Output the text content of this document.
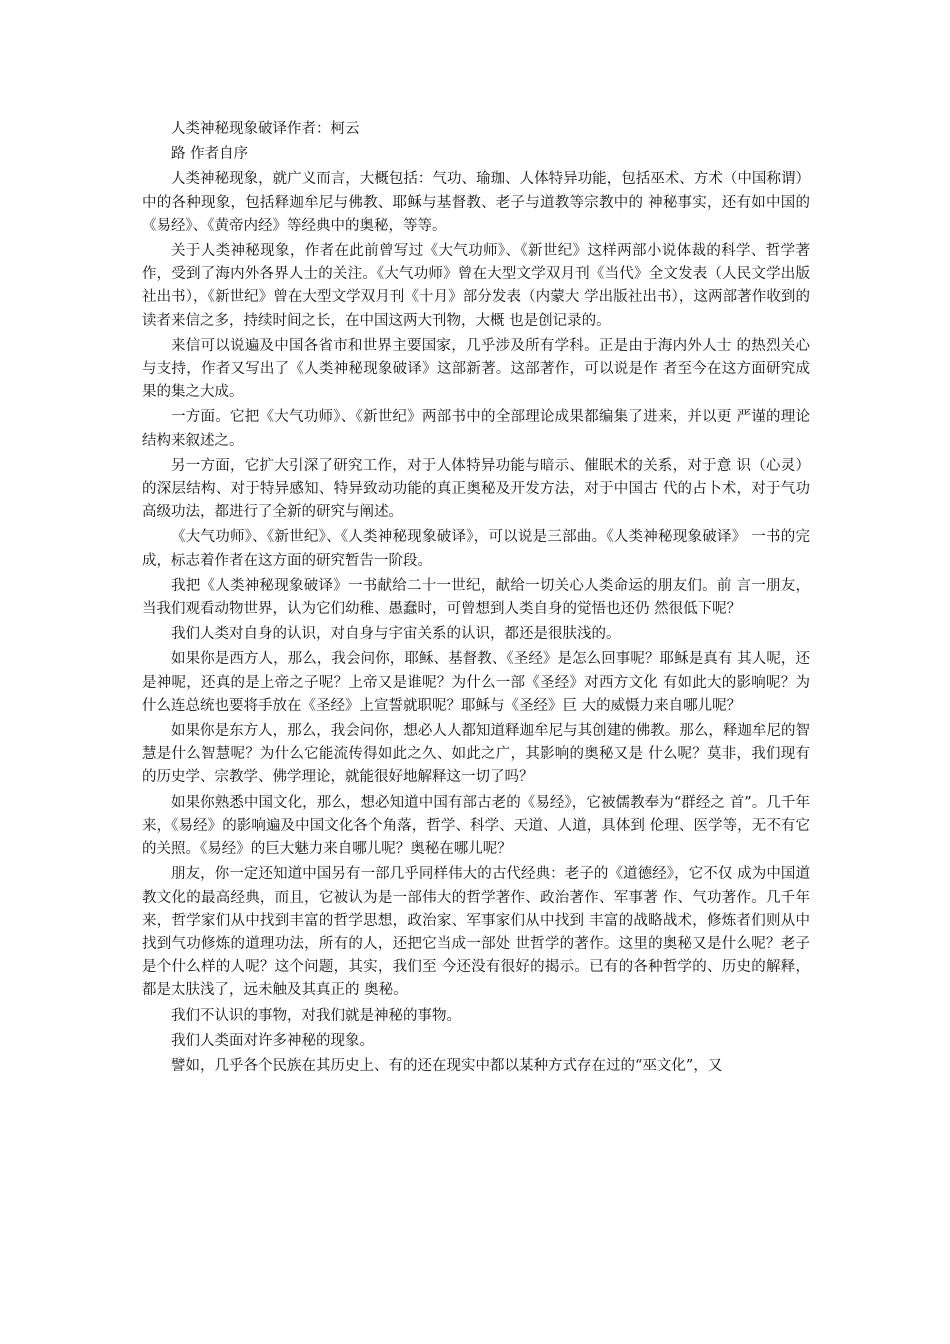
人类神秘现象破译作者：柯云

路 作者自序

人类神秘现象，就广义而言，大概包括：气功、瑜珈、人体特异功能，包括巫术、方术（中国称谓）中的各种现象，包括释迦牟尼与佛教、耶稣与基督教、老子与道教等宗教中的 神秘事实，还有如中国的《易经》、《黄帝内经》等经典中的奥秘，等等。

关于人类神秘现象，作者在此前曾写过《大气功师》、《新世纪》这样两部小说体裁的科学、哲学著作，受到了海内外各界人士的关注。《大气功师》曾在大型文学双月刊《当代》全文发表（人民文学出版社出书），《新世纪》曾在大型文学双月刊《十月》部分发表（内蒙大 学出版社出书），这两部著作收到的读者来信之多，持续时间之长，在中国这两大刊物，大概 也是创记录的。

来信可以说遍及中国各省市和世界主要国家，几乎涉及所有学科。正是由于海内外人士 的热烈关心与支持，作者又写出了《人类神秘现象破译》这部新著。这部著作，可以说是作 者至今在这方面研究成果的集之大成。

一方面。它把《大气功师》、《新世纪》两部书中的全部理论成果都编集了进来，并以更 严谨的理论结构来叙述之。

另一方面，它扩大引深了研究工作，对于人体特异功能与暗示、催眠术的关系，对于意 识（心灵）的深层结构、对于特异感知、特异致动功能的真正奥秘及开发方法，对于中国古 代的占卜术，对于气功高级功法，都进行了全新的研究与阐述。

《大气功师》、《新世纪》、《人类神秘现象破译》，可以说是三部曲。《人类神秘现象破译》 一书的完成，标志着作者在这方面的研究暂告一阶段。

我把《人类神秘现象破译》一书献给二十一世纪，献给一切关心人类命运的朋友们。前 言一朋友，当我们观看动物世界，认为它们幼稚、愚蠢时，可曾想到人类自身的觉悟也还仍 然很低下呢？

我们人类对自身的认识，对自身与宇宙关系的认识，都还是很肤浅的。

如果你是西方人，那么，我会问你，耶稣、基督教、《圣经》是怎么回事呢？耶稣是真有 其人呢，还是神呢，还真的是上帝之子呢？上帝又是谁呢？为什么一部《圣经》对西方文化 有如此大的影响呢？为什么连总统也要将手放在《圣经》上宣誓就职呢？耶稣与《圣经》巨 大的威慑力来自哪儿呢？

如果你是东方人，那么，我会问你，想必人人都知道释迦牟尼与其创建的佛教。那么，释迦牟尼的智慧是什么智慧呢？为什么它能流传得如此之久、如此之广，其影响的奥秘又是 什么呢？莫非，我们现有的历史学、宗教学、佛学理论，就能很好地解释这一切了吗？

如果你熟悉中国文化，那么，想必知道中国有部古老的《易经》，它被儒教奉为“群经之 首”。几千年来，《易经》的影响遍及中国文化各个角落，哲学、科学、天道、人道，具体到 伦理、医学等，无不有它的关照。《易经》的巨大魅力来自哪儿呢？奥秘在哪儿呢？

朋友，你一定还知道中国另有一部几乎同样伟大的古代经典：老子的《道德经》，它不仅 成为中国道教文化的最高经典，而且，它被认为是一部伟大的哲学著作、政治著作、军事著 作、气功著作。几千年来，哲学家们从中找到丰富的哲学思想，政治家、军事家们从中找到 丰富的战略战术，修炼者们则从中找到气功修炼的道理功法，所有的人，还把它当成一部处 世哲学的著作。这里的奥秘又是什么呢？老子是个什么样的人呢？这个问题，其实，我们至 今还没有很好的揭示。已有的各种哲学的、历史的解释，都是太肤浅了，远未触及其真正的 奥秘。

我们不认识的事物，对我们就是神秘的事物。

我们人类面对许多神秘的现象。

譬如，几乎各个民族在其历史上、有的还在现实中都以某种方式存在过的“巫文化”，又
